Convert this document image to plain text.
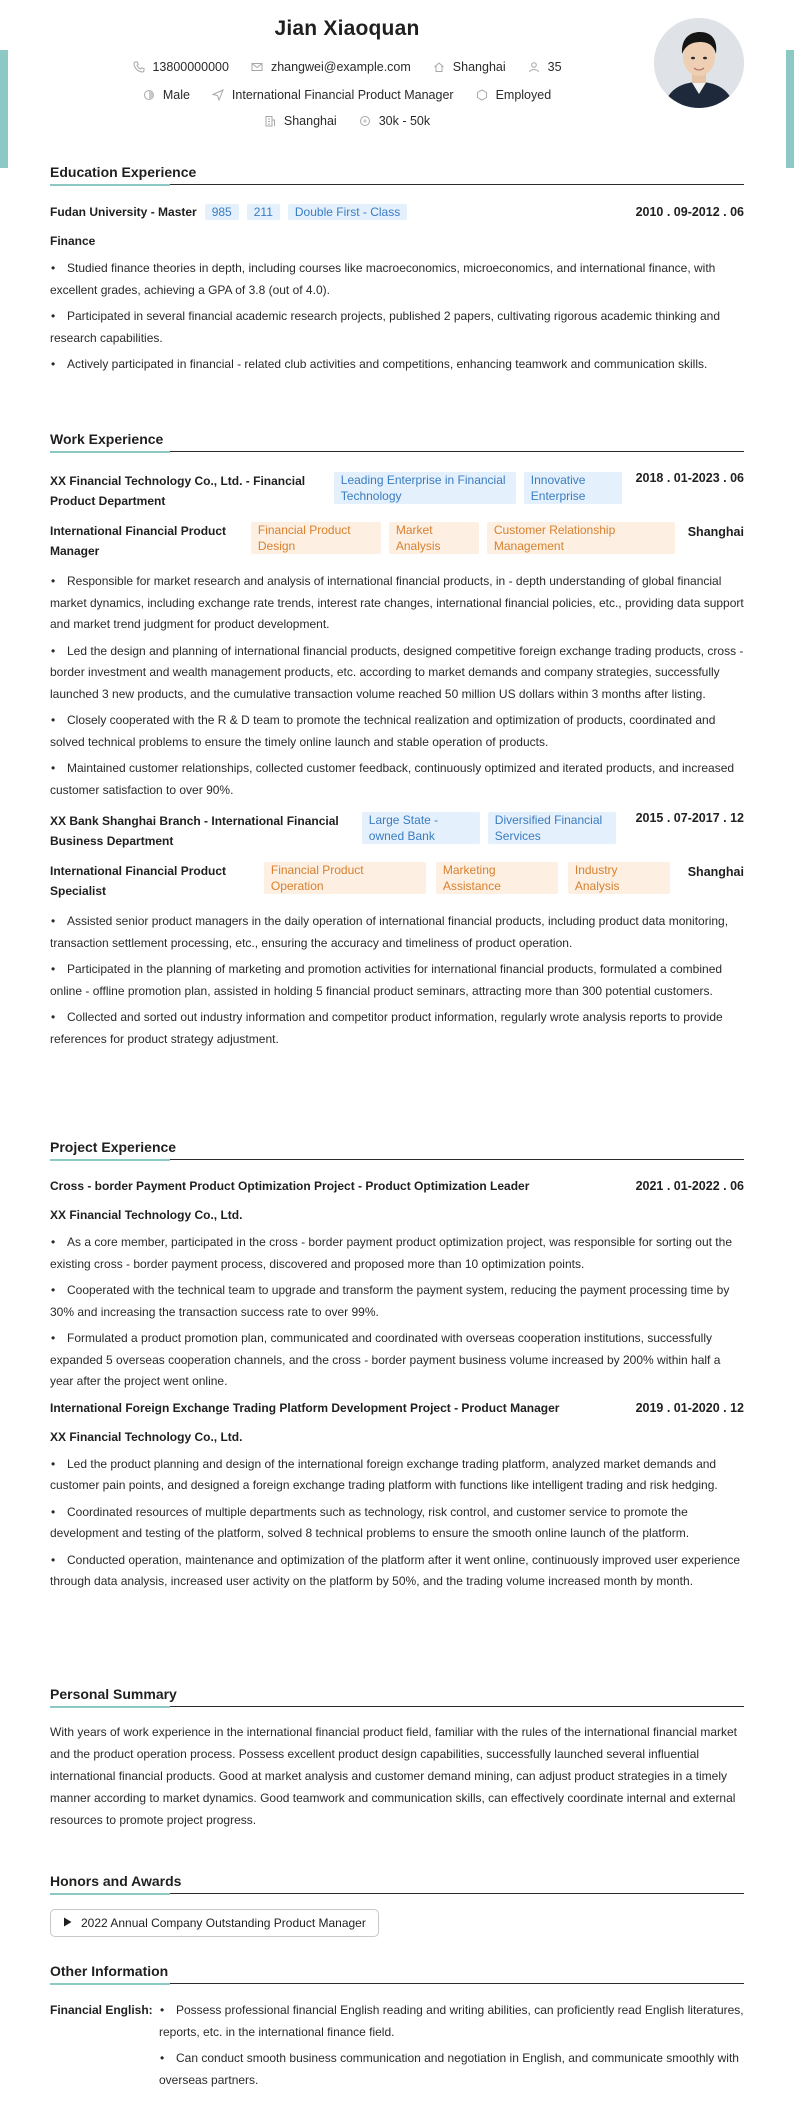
Jian Xiaoquan
13800000000	zhangwei@example.com	Shanghai	35
Male	International Financial Product Manager	Employed
Shanghai	30k - 50k
Education Experience
Fudan University - Master	985	211	Double First - Class	2010 . 09-2012 . 06
Finance
• Studied finance theories in depth, including courses like macroeconomics, microeconomics, and international finance, with excellent grades, achieving a GPA of 3.8 (out of 4.0).
• Participated in several financial academic research projects, published 2 papers, cultivating rigorous academic thinking and research capabilities.
• Actively participated in financial - related club activities and competitions, enhancing teamwork and communication skills.
Work Experience
XX Financial Technology Co., Ltd. - Financial Product Department
Leading Enterprise in Financial Technology
Innovative Enterprise
2018 . 01-2023 . 06
International Financial Product Manager
Financial Product Design
Market Analysis
Customer Relationship Management
Shanghai
• Responsible for market research and analysis of international financial products, in - depth understanding of global financial market dynamics, including exchange rate trends, interest rate changes, international financial policies, etc., providing data support and market trend judgment for product development.
• Led the design and planning of international financial products, designed competitive foreign exchange trading products, cross - border investment and wealth management products, etc. according to market demands and company strategies, successfully launched 3 new products, and the cumulative transaction volume reached 50 million US dollars within 3 months after listing.
• Closely cooperated with the R & D team to promote the technical realization and optimization of products, coordinated and solved technical problems to ensure the timely online launch and stable operation of products.
• Maintained customer relationships, collected customer feedback, continuously optimized and iterated products, and increased customer satisfaction to over 90%.
XX Bank Shanghai Branch - International Financial Business Department
Large State - owned Bank
Diversified Financial Services
2015 . 07-2017 . 12
International Financial Product Specialist
Financial Product Operation
Marketing Assistance
Industry Analysis
Shanghai
• Assisted senior product managers in the daily operation of international financial products, including product data monitoring, transaction settlement processing, etc., ensuring the accuracy and timeliness of product operation.
• Participated in the planning of marketing and promotion activities for international financial products, formulated a combined online - offline promotion plan, assisted in holding 5 financial product seminars, attracting more than 300 potential customers.
• Collected and sorted out industry information and competitor product information, regularly wrote analysis reports to provide references for product strategy adjustment.
Project Experience
Cross - border Payment Product Optimization Project - Product Optimization Leader	2021 . 01-2022 . 06
XX Financial Technology Co., Ltd.
• As a core member, participated in the cross - border payment product optimization project, was responsible for sorting out the existing cross - border payment process, discovered and proposed more than 10 optimization points.
• Cooperated with the technical team to upgrade and transform the payment system, reducing the payment processing time by 30% and increasing the transaction success rate to over 99%.
• Formulated a product promotion plan, communicated and coordinated with overseas cooperation institutions, successfully expanded 5 overseas cooperation channels, and the cross - border payment business volume increased by 200% within half a year after the project went online.
International Foreign Exchange Trading Platform Development Project - Product Manager	2019 . 01-2020 . 12
XX Financial Technology Co., Ltd.
• Led the product planning and design of the international foreign exchange trading platform, analyzed market demands and customer pain points, and designed a foreign exchange trading platform with functions like intelligent trading and risk hedging.
• Coordinated resources of multiple departments such as technology, risk control, and customer service to promote the development and testing of the platform, solved 8 technical problems to ensure the smooth online launch of the platform.
• Conducted operation, maintenance and optimization of the platform after it went online, continuously improved user experience through data analysis, increased user activity on the platform by 50%, and the trading volume increased month by month.
Personal Summary

With years of work experience in the international financial product field, familiar with the rules of the international financial market and the product operation process. Possess excellent product design capabilities, successfully launched several influential international financial products. Good at market analysis and customer demand mining, can adjust product strategies in a timely manner according to market dynamics. Good teamwork and communication skills, can effectively coordinate internal and external resources to promote project progress.

Honors and Awards
2022 Annual Company Outstanding Product Manager
Other Information
Financial English:
•	Possess professional financial English reading and writing abilities, can proficiently read English literatures, reports, etc. in the international finance field.
• Can conduct smooth business communication and negotiation in English, and communicate smoothly with overseas partners.
